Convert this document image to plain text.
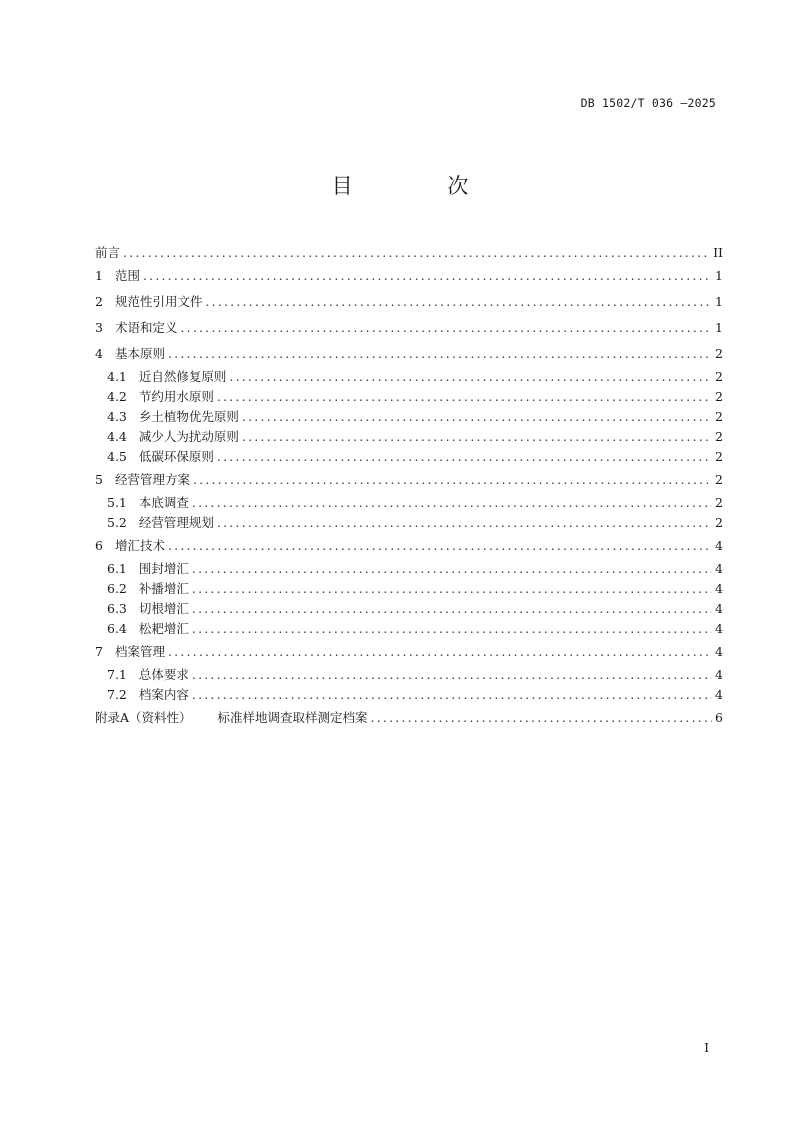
DB 1502/T 036 —2025
目 次
前言 .....	II
1 范围 .....	1
2 规范性引用文件 .....	1
3 术语和定义 .....	1
4 基本原则 .....	2
4.1 近自然修复原则 .....	2
4.2 节约用水原则 .....	2
4.3 乡土植物优先原则 .....	2
4.4 减少人为扰动原则 .....	2
4.5 低碳环保原则 .....	2
5 经营管理方案 .....	2
5.1 本底调查 .....	2
5.2 经营管理规划 .....	2
6 增汇技术 .....	4
6.1 围封增汇 .....	4
6.2 补播增汇 .....	4
6.3 切根增汇 .....	4
6.4 松耙增汇 .....	4
7 档案管理 .....	4
7.1 总体要求 .....	4
7.2 档案内容 .....	4
附录A（资料性） 标准样地调查取样测定档案 .....	6
I
